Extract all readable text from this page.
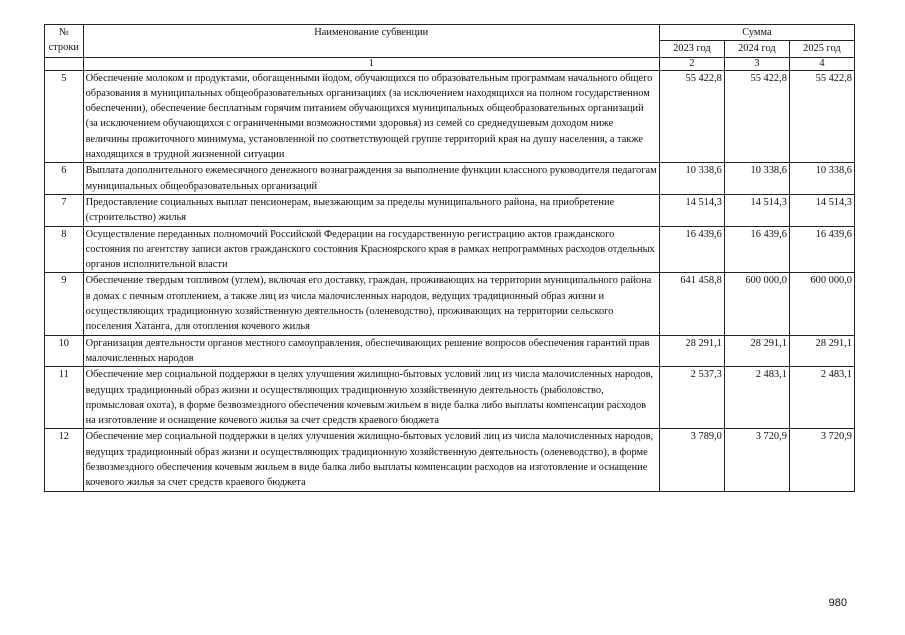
№
строки	Наименование субвенции	Сумма		
		2023 год	2024 год	2025 год
	1	2	3	4
5	Обеспечение молоком и продуктами, обогащенными йодом, обучающихся по образовательным программам начального общего образования в муниципальных общеобразовательных организациях (за исключением находящихся на полном государственном обеспечении), обеспечение бесплатным горячим питанием обучающихся муниципальных общеобразовательных организаций (за исключением обучающихся с ограниченными возможностями здоровья) из семей со среднедушевым доходом ниже величины прожиточного минимума, установленной по соответствующей группе территорий края на душу населения, а также находящихся в трудной жизненной ситуации	55 422,8	55 422,8	55 422,8
6	Выплата дополнительного ежемесячного денежного вознаграждения за выполнение функции классного руководителя педагогам муниципальных общеобразовательных организаций	10 338,6	10 338,6	10 338,6
7	Предоставление социальных выплат пенсионерам, выезжающим за пределы муниципального района, на приобретение (строительство) жилья	14 514,3	14 514,3	14 514,3
8	Осуществление переданных полномочий Российской Федерации на государственную регистрацию актов гражданского состояния по агентству записи актов гражданского состояния Красноярского края в рамках непрограммных расходов отдельных органов исполнительной власти	16 439,6	16 439,6	16 439,6
9	Обеспечение твердым топливом (углем), включая его доставку, граждан, проживающих на территории муниципального района в домах с печным отоплением, а также лиц из числа малочисленных народов, ведущих традиционный образ жизни и осуществляющих традиционную хозяйственную деятельность (оленеводство), проживающих на территории сельского поселения Хатанга, для отопления кочевого жилья	641 458,8	600 000,0	600 000,0
10	Организация деятельности органов местного самоуправления, обеспечивающих решение вопросов обеспечения гарантий прав малочисленных народов	28 291,1	28 291,1	28 291,1
11	Обеспечение мер социальной поддержки в целях улучшения жилищно-бытовых условий лиц из числа малочисленных народов, ведущих традиционный образ жизни и осуществляющих традиционную хозяйственную деятельность (рыболовство, промысловая охота), в форме безвозмездного обеспечения кочевым жильем в виде балка либо выплаты компенсации расходов на изготовление и оснащение кочевого жилья за счет средств краевого бюджета	2 537,3	2 483,1	2 483,1
12	Обеспечение мер социальной поддержки в целях улучшения жилищно-бытовых условий лиц из числа малочисленных народов, ведущих традиционный образ жизни и осуществляющих традиционную хозяйственную деятельность (оленеводство), в форме безвозмездного обеспечения кочевым жильем в виде балка либо выплаты компенсации расходов на изготовление и оснащение кочевого жилья за счет средств краевого бюджета	3 789,0	3 720,9	3 720,9
980
